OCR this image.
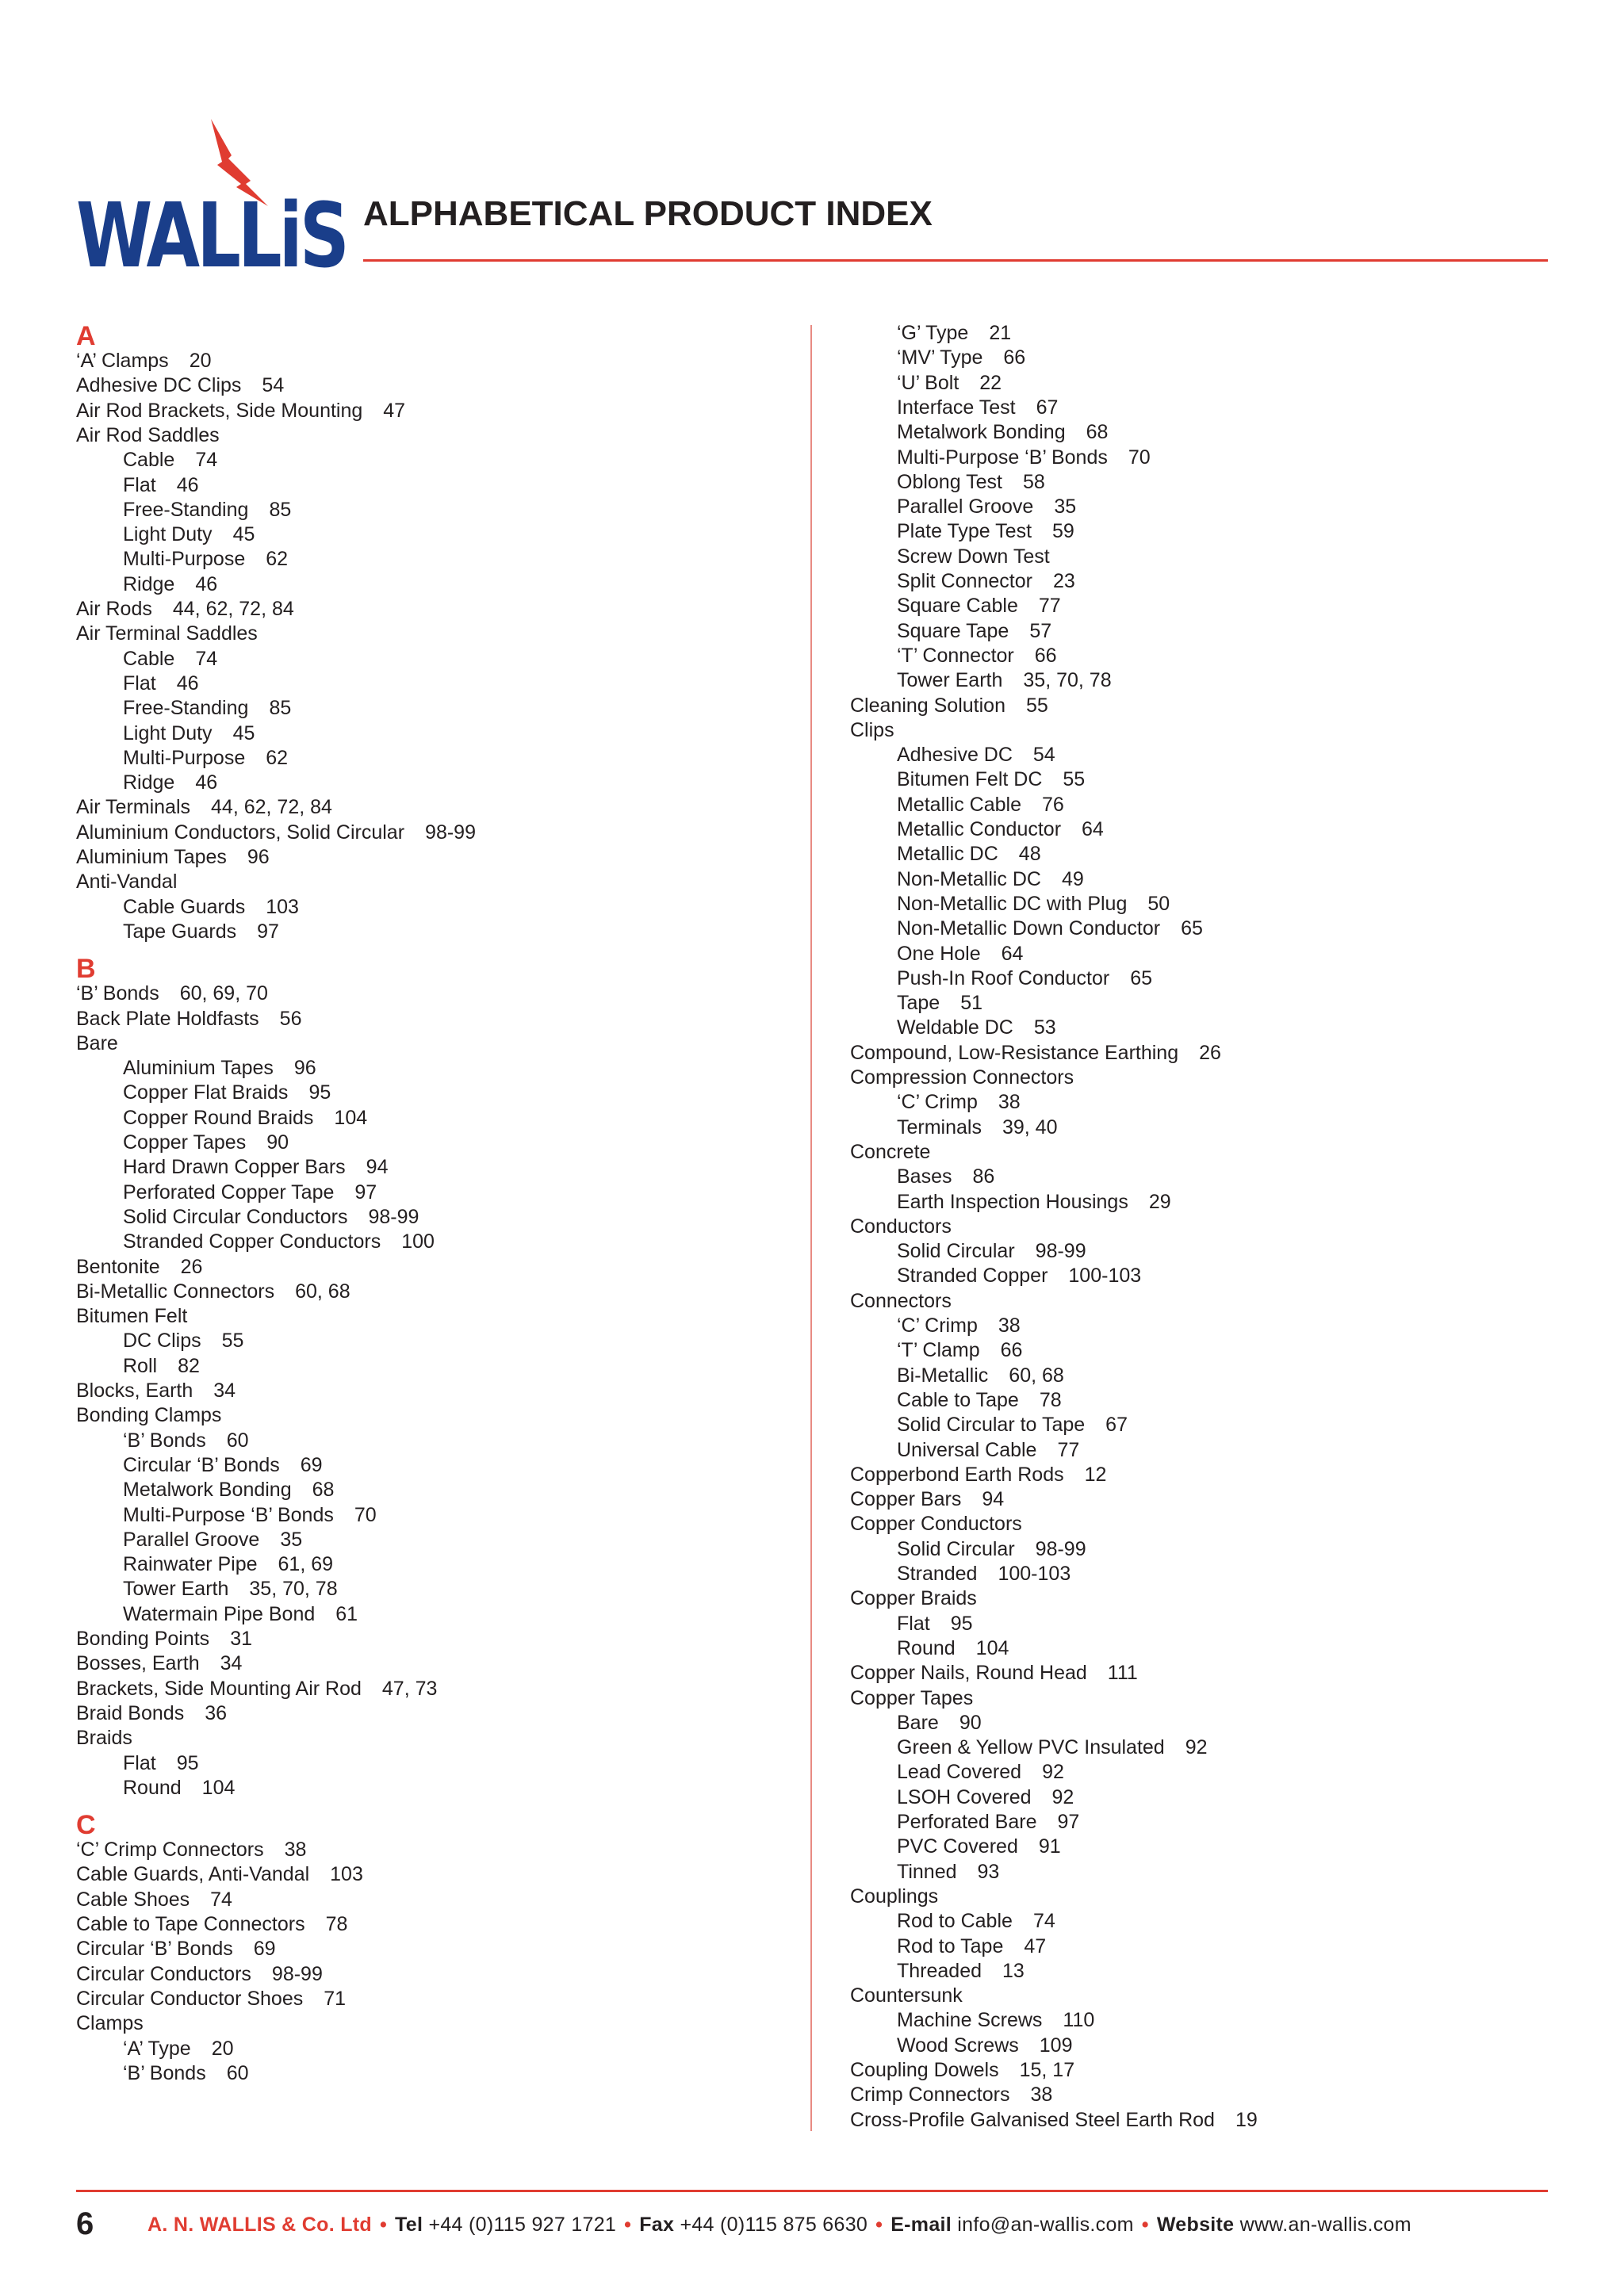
WALLiS ALPHABETICAL PRODUCT INDEX
A
‘A’ Clamps 20
Adhesive DC Clips 54
Air Rod Brackets, Side Mounting 47
Air Rod Saddles
Cable 74
Flat 46
Free-Standing 85
Light Duty 45
Multi-Purpose 62
Ridge 46
Air Rods 44, 62, 72, 84
Air Terminal Saddles
Cable 74
Flat 46
Free-Standing 85
Light Duty 45
Multi-Purpose 62
Ridge 46
Air Terminals 44, 62, 72, 84
Aluminium Conductors, Solid Circular 98-99
Aluminium Tapes 96
Anti-Vandal
Cable Guards 103
Tape Guards 97
B
‘B’ Bonds 60, 69, 70
Back Plate Holdfasts 56
Bare
Aluminium Tapes 96
Copper Flat Braids 95
Copper Round Braids 104
Copper Tapes 90
Hard Drawn Copper Bars 94
Perforated Copper Tape 97
Solid Circular Conductors 98-99
Stranded Copper Conductors 100
Bentonite 26
Bi-Metallic Connectors 60, 68
Bitumen Felt
DC Clips 55
Roll 82
Blocks, Earth 34
Bonding Clamps
‘B’ Bonds 60
Circular ‘B’ Bonds 69
Metalwork Bonding 68
Multi-Purpose ‘B’ Bonds 70
Parallel Groove 35
Rainwater Pipe 61, 69
Tower Earth 35, 70, 78
Watermain Pipe Bond 61
Bonding Points 31
Bosses, Earth 34
Brackets, Side Mounting Air Rod 47, 73
Braid Bonds 36
Braids
Flat 95
Round 104
C
‘C’ Crimp Connectors 38
Cable Guards, Anti-Vandal 103
Cable Shoes 74
Cable to Tape Connectors 78
Circular ‘B’ Bonds 69
Circular Conductors 98-99
Circular Conductor Shoes 71
Clamps
‘A’ Type 20
‘B’ Bonds 60
‘G’ Type 21
‘MV’ Type 66
‘U’ Bolt 22
Interface Test 67
Metalwork Bonding 68
Multi-Purpose ‘B’ Bonds 70
Oblong Test 58
Parallel Groove 35
Plate Type Test 59
Screw Down Test
Split Connector 23
Square Cable 77
Square Tape 57
‘T’ Connector 66
Tower Earth 35, 70, 78
Cleaning Solution 55
Clips
Adhesive DC 54
Bitumen Felt DC 55
Metallic Cable 76
Metallic Conductor 64
Metallic DC 48
Non-Metallic DC 49
Non-Metallic DC with Plug 50
Non-Metallic Down Conductor 65
One Hole 64
Push-In Roof Conductor 65
Tape 51
Weldable DC 53
Compound, Low-Resistance Earthing 26
Compression Connectors
‘C’ Crimp 38
Terminals 39, 40
Concrete
Bases 86
Earth Inspection Housings 29
Conductors
Solid Circular 98-99
Stranded Copper 100-103
Connectors
‘C’ Crimp 38
‘T’ Clamp 66
Bi-Metallic 60, 68
Cable to Tape 78
Solid Circular to Tape 67
Universal Cable 77
Copperbond Earth Rods 12
Copper Bars 94
Copper Conductors
Solid Circular 98-99
Stranded 100-103
Copper Braids
Flat 95
Round 104
Copper Nails, Round Head 111
Copper Tapes
Bare 90
Green & Yellow PVC Insulated 92
Lead Covered 92
LSOH Covered 92
Perforated Bare 97
PVC Covered 91
Tinned 93
Couplings
Rod to Cable 74
Rod to Tape 47
Threaded 13
Countersunk
Machine Screws 110
Wood Screws 109
Coupling Dowels 15, 17
Crimp Connectors 38
Cross-Profile Galvanised Steel Earth Rod 19
6	A. N. WALLIS & Co. Ltd • Tel +44 (0)115 927 1721 • Fax +44 (0)115 875 6630 • E-mail info@an-wallis.com • Website www.an-wallis.com
